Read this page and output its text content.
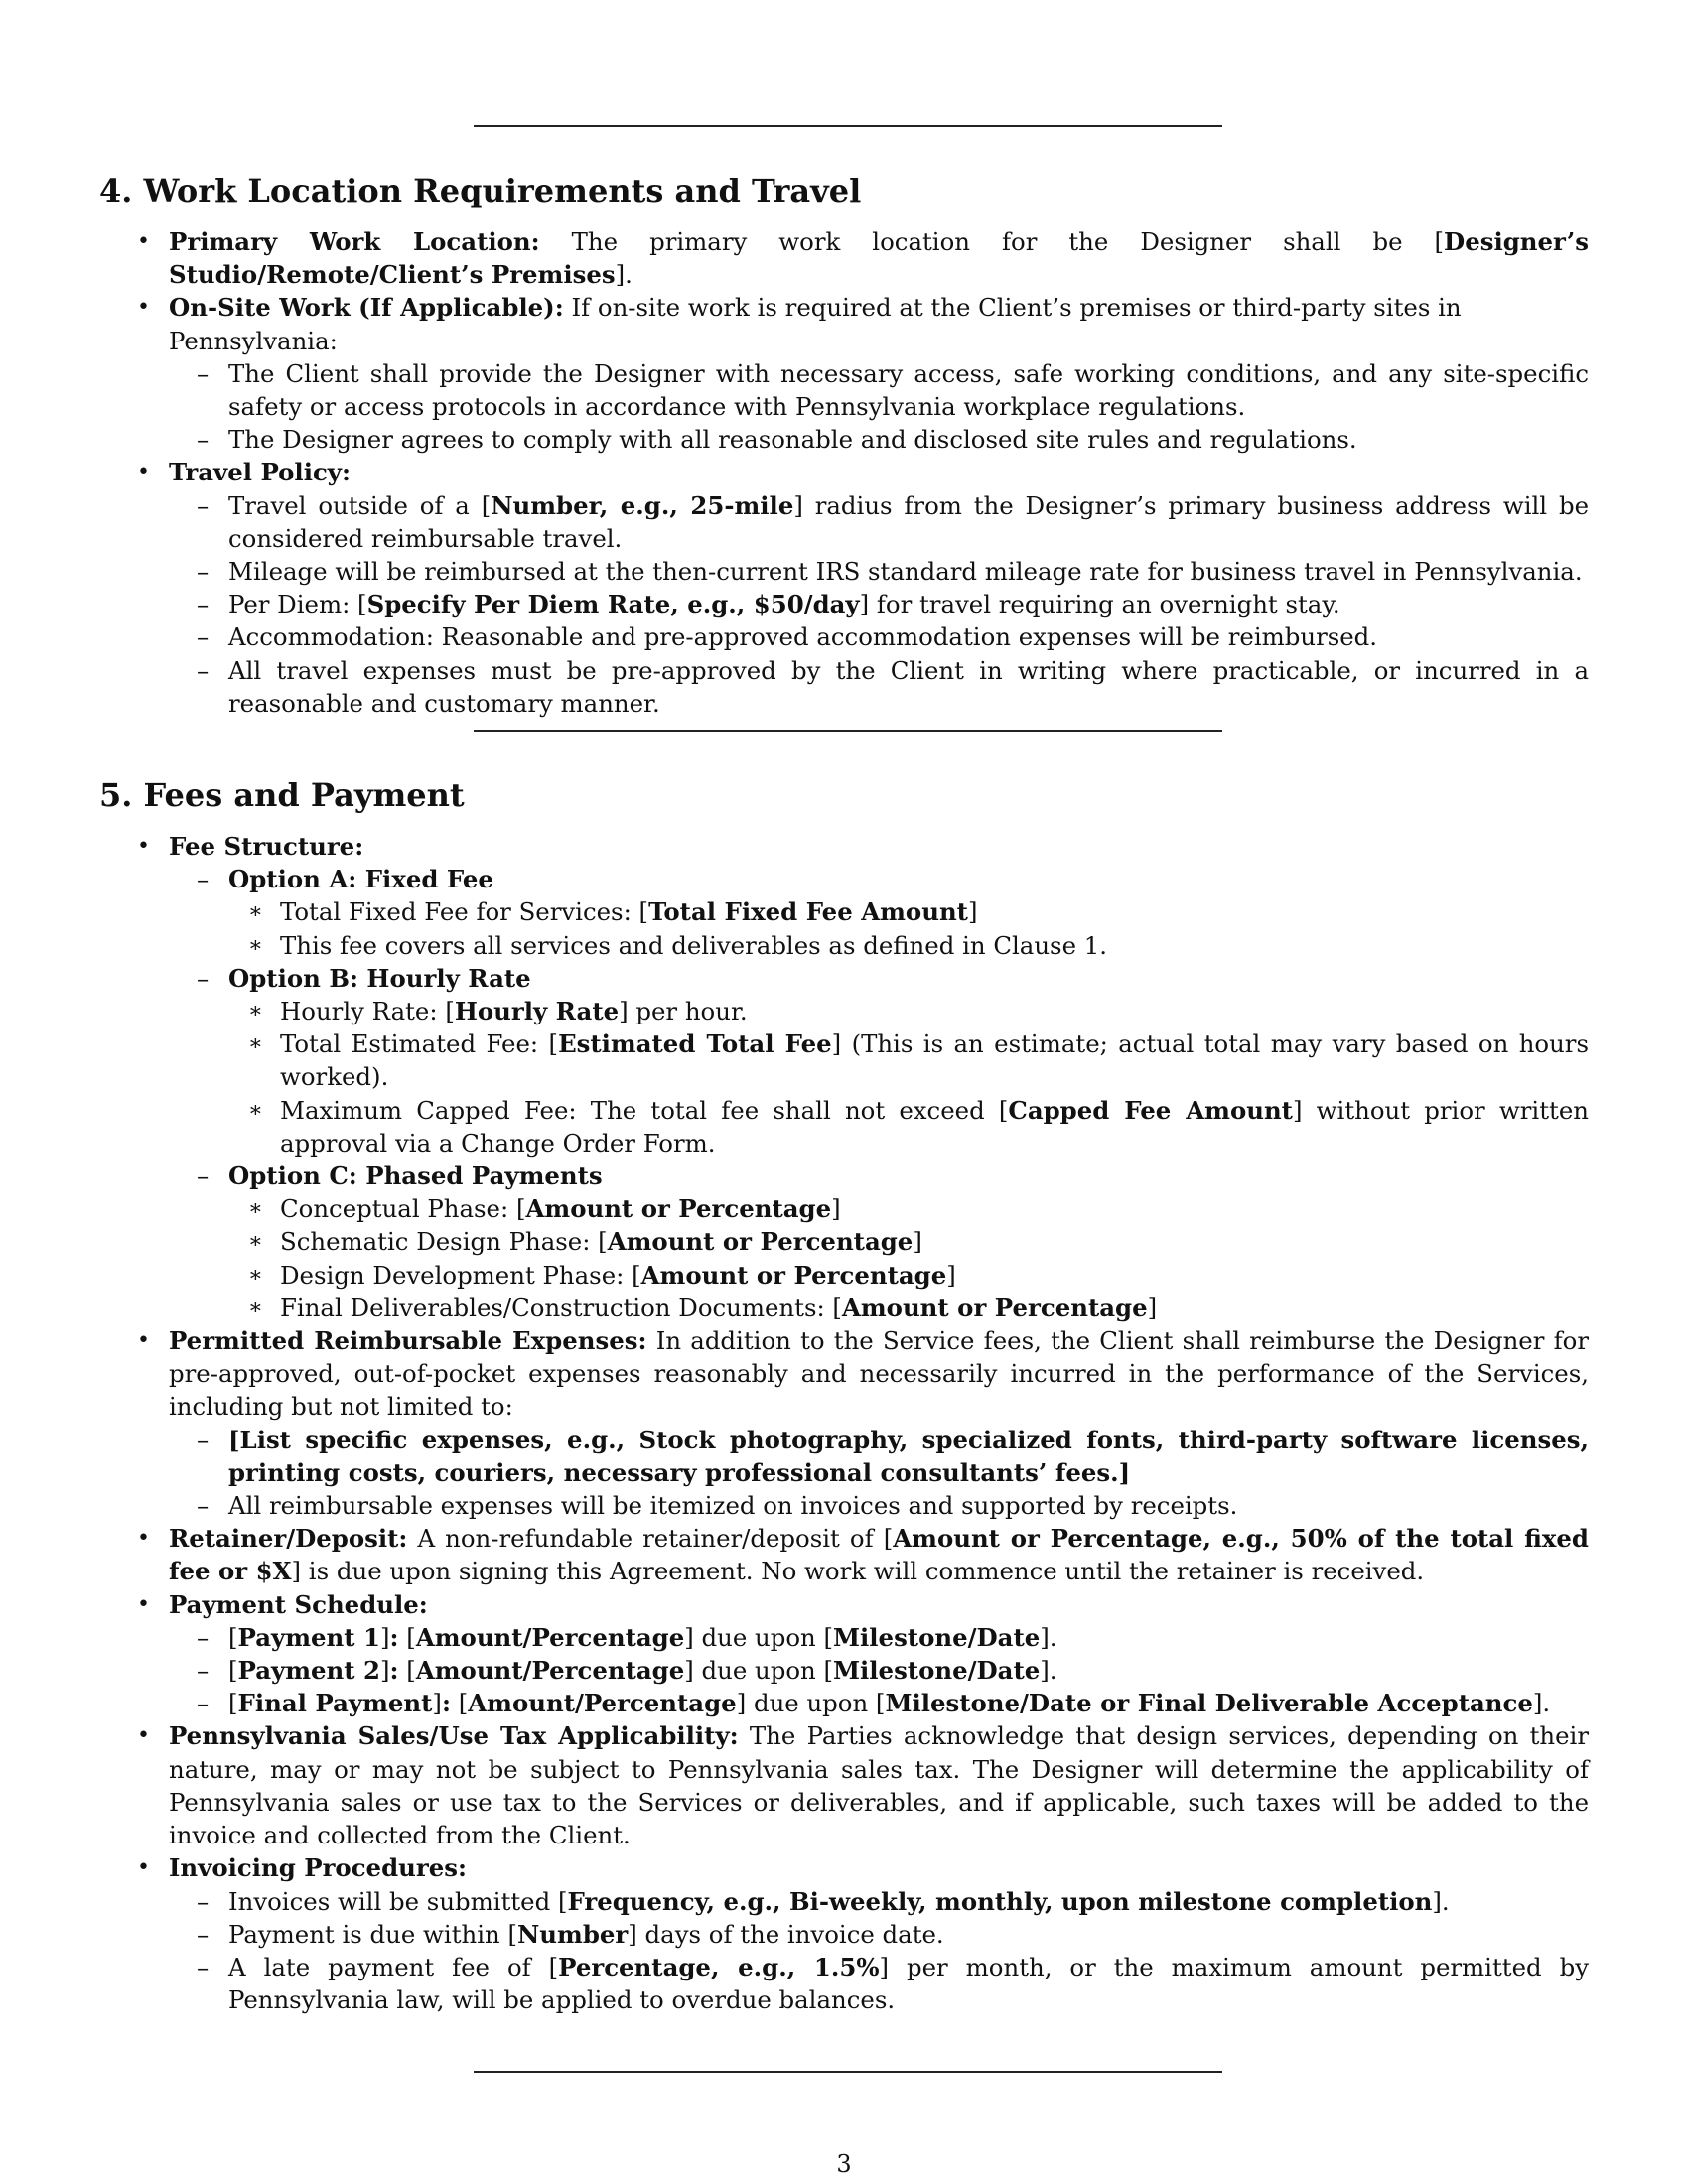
4. Work Location Requirements and Travel
• Primary Work Location: The primary work location for the Designer shall be [Designer’s Studio/Remote/Client’s Premises].
• On-Site Work (If Applicable): If on-site work is required at the Client’s premises or third-party sites in Pennsylvania:
– The Client shall provide the Designer with necessary access, safe working conditions, and any site-specific safety or access protocols in accordance with Pennsylvania workplace regulations.
– The Designer agrees to comply with all reasonable and disclosed site rules and regulations.
• Travel Policy:
– Travel outside of a [Number, e.g., 25-mile] radius from the Designer’s primary business address will be considered reimbursable travel.
– Mileage will be reimbursed at the then-current IRS standard mileage rate for business travel in Pennsylvania.
– Per Diem: [Specify Per Diem Rate, e.g., $50/day] for travel requiring an overnight stay.
– Accommodation: Reasonable and pre-approved accommodation expenses will be reimbursed.
– All travel expenses must be pre-approved by the Client in writing where practicable, or incurred in a reasonable and customary manner.
5. Fees and Payment
• Fee Structure:
– Option A: Fixed Fee
∗ Total Fixed Fee for Services: [Total Fixed Fee Amount]
∗ This fee covers all services and deliverables as defined in Clause 1.
– Option B: Hourly Rate
∗ Hourly Rate: [Hourly Rate] per hour.
∗ Total Estimated Fee: [Estimated Total Fee] (This is an estimate; actual total may vary based on hours worked).
∗ Maximum Capped Fee: The total fee shall not exceed [Capped Fee Amount] without prior written approval via a Change Order Form.
– Option C: Phased Payments
∗ Conceptual Phase: [Amount or Percentage]
∗ Schematic Design Phase: [Amount or Percentage]
∗ Design Development Phase: [Amount or Percentage]
∗ Final Deliverables/Construction Documents: [Amount or Percentage]
• Permitted Reimbursable Expenses: In addition to the Service fees, the Client shall reimburse the Designer for pre-approved, out-of-pocket expenses reasonably and necessarily incurred in the performance of the Services, including but not limited to:
– [List specific expenses, e.g., Stock photography, specialized fonts, third-party software licenses, printing costs, couriers, necessary professional consultants’ fees.]
– All reimbursable expenses will be itemized on invoices and supported by receipts.
• Retainer/Deposit: A non-refundable retainer/deposit of [Amount or Percentage, e.g., 50% of the total fixed fee or $X] is due upon signing this Agreement. No work will commence until the retainer is received.
• Payment Schedule:
– [Payment 1]: [Amount/Percentage] due upon [Milestone/Date].
– [Payment 2]: [Amount/Percentage] due upon [Milestone/Date].
– [Final Payment]: [Amount/Percentage] due upon [Milestone/Date or Final Deliverable Acceptance].
• Pennsylvania Sales/Use Tax Applicability: The Parties acknowledge that design services, depending on their nature, may or may not be subject to Pennsylvania sales tax. The Designer will determine the applicability of Pennsylvania sales or use tax to the Services or deliverables, and if applicable, such taxes will be added to the invoice and collected from the Client.
• Invoicing Procedures:
– Invoices will be submitted [Frequency, e.g., Bi-weekly, monthly, upon milestone completion].
– Payment is due within [Number] days of the invoice date.
– A late payment fee of [Percentage, e.g., 1.5%] per month, or the maximum amount permitted by Pennsylvania law, will be applied to overdue balances.
3
